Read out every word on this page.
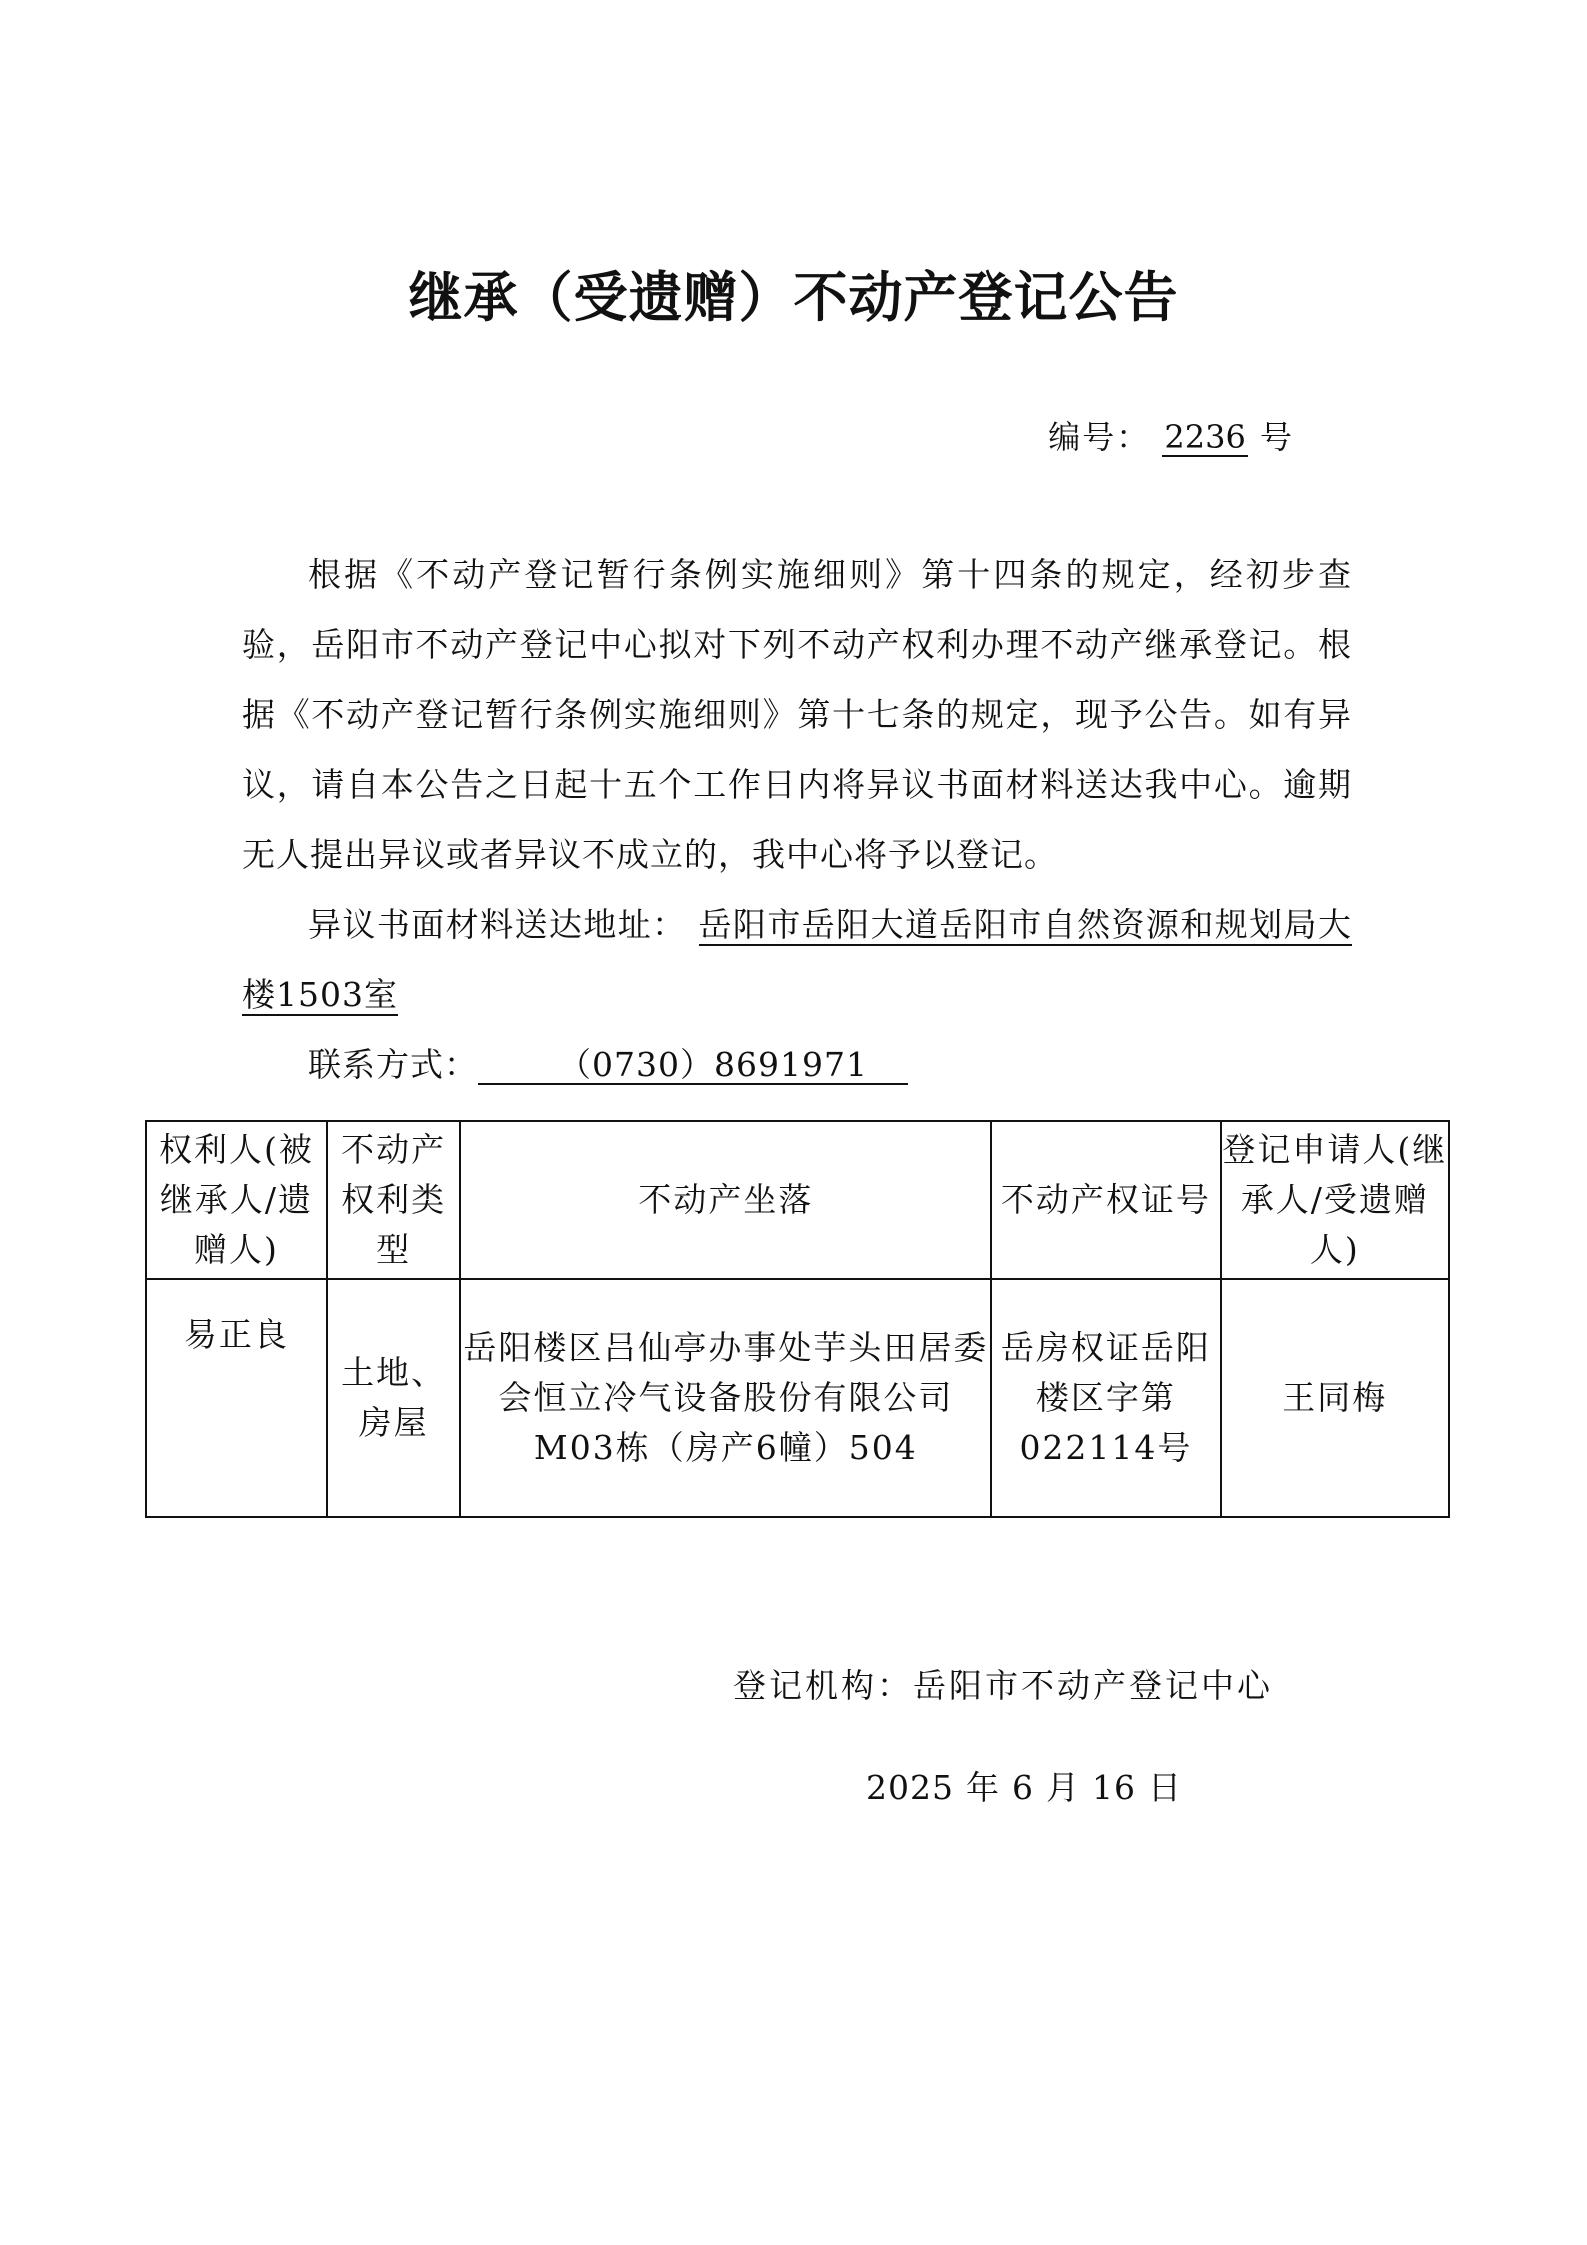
继承（受遗赠）不动产登记公告
编号： 2236 号

根据《不动产登记暂行条例实施细则》第十四条的规定，经初步查验，岳阳市不动产登记中心拟对下列不动产权利办理不动产继承登记。根据《不动产登记暂行条例实施细则》第十七条的规定，现予公告。如有异议，请自本公告之日起十五个工作日内将异议书面材料送达我中心。逾期无人提出异议或者异议不成立的，我中心将予以登记。

异议书面材料送达地址： 岳阳市岳阳大道岳阳市自然资源和规划局大楼1503室

联系方式： （0730）8691971

权利人(被继承人/遗赠人)	不动产权利类型	不动产坐落	不动产权证号	登记申请人(继承人/受遗赠人)
易正良	土地、房屋	岳阳楼区吕仙亭办事处芋头田居委会恒立冷气设备股份有限公司M03栋（房产6幢）504	岳房权证岳阳楼区字第022114号	王同梅
登记机构：岳阳市不动产登记中心
2025 年 6 月 16 日
